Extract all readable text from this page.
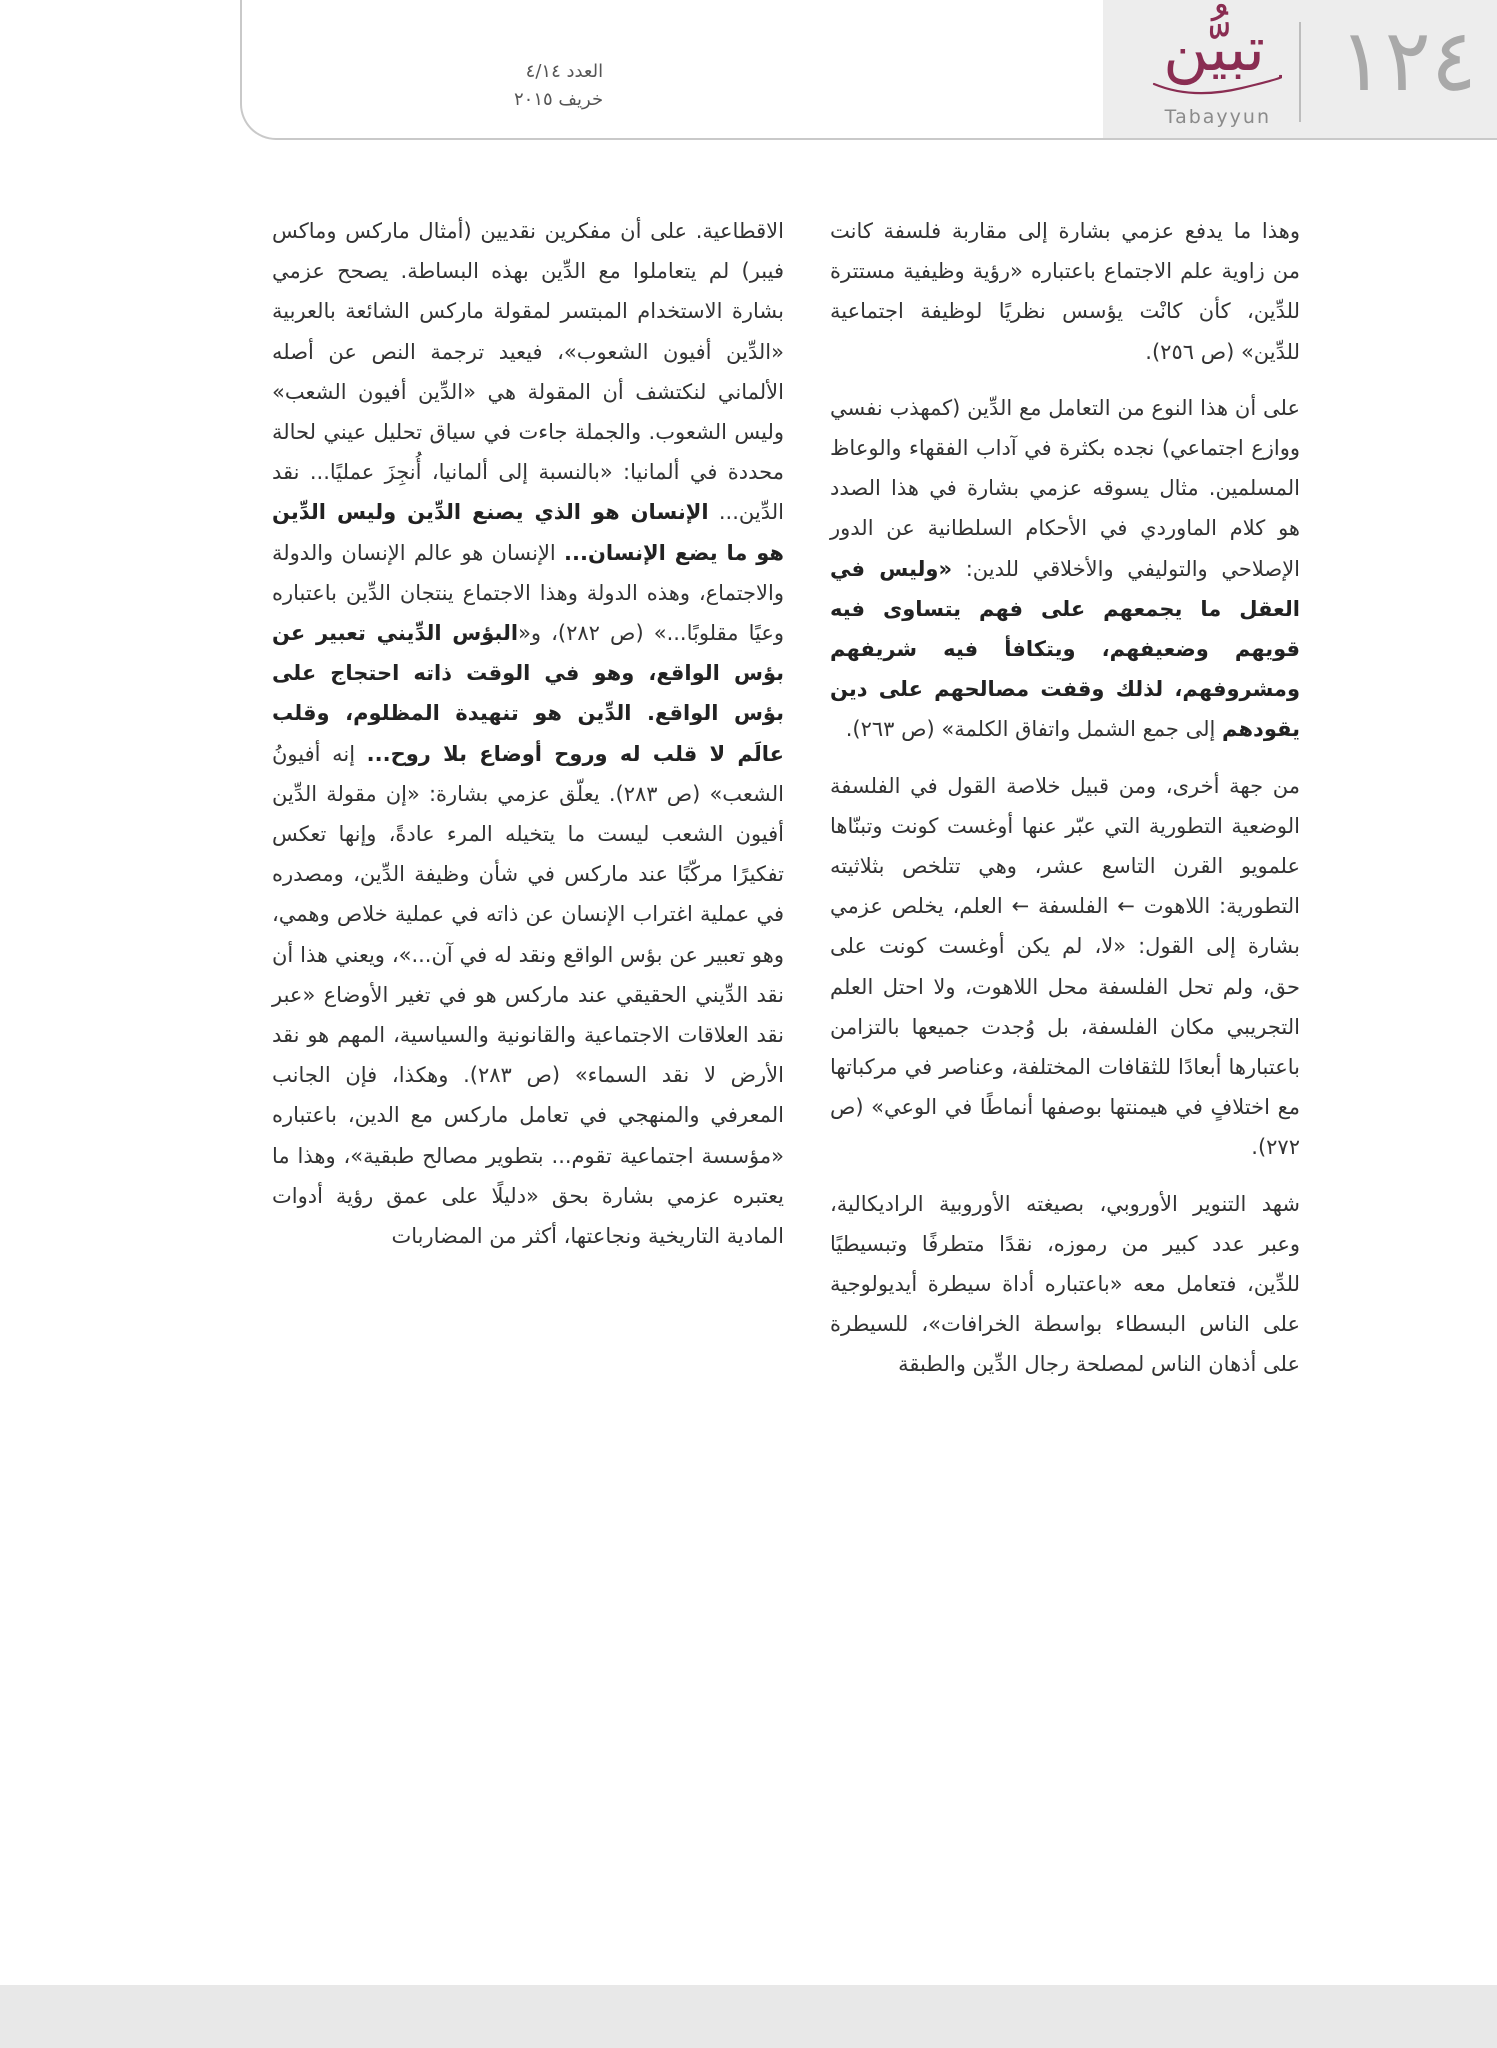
العدد ٤/١٤
خريف ٢٠١٥	١٢٤
تبيُّن
Tabayyun

وهذا ما يدفع عزمي بشارة إلى مقاربة فلسفة كانت من زاوية علم الاجتماع باعتباره «رؤية وظيفية مستترة للدِّين، كأن كانْت يؤسس نظريًا لوظيفة اجتماعية للدِّين» (ص ٢٥٦).

على أن هذا النوع من التعامل مع الدِّين (كمهذب نفسي ووازع اجتماعي) نجده بكثرة في آداب الفقهاء والوعاظ المسلمين. مثال يسوقه عزمي بشارة في هذا الصدد هو كلام الماوردي في الأحكام السلطانية عن الدور الإصلاحي والتوليفي والأخلاقي للدين: «وليس في العقل ما يجمعهم على فهم يتساوى فيه قويهم وضعيفهم، ويتكافأ فيه شريفهم ومشروفهم، لذلك وقفت مصالحهم على دين يقودهم إلى جمع الشمل واتفاق الكلمة» (ص ٢٦٣).

من جهة أخرى، ومن قبيل خلاصة القول في الفلسفة الوضعية التطورية التي عبّر عنها أوغست كونت وتبنّاها علمويو القرن التاسع عشر، وهي تتلخص بثلاثيته التطورية: اللاهوت ← الفلسفة ← العلم، يخلص عزمي بشارة إلى القول: «لا، لم يكن أوغست كونت على حق، ولم تحل الفلسفة محل اللاهوت، ولا احتل العلم التجريبي مكان الفلسفة، بل وُجدت جميعها بالتزامن باعتبارها أبعادًا للثقافات المختلفة، وعناصر في مركباتها مع اختلافٍ في هيمنتها بوصفها أنماطًا في الوعي» (ص ٢٧٢).

شهد التنوير الأوروبي، بصيغته الأوروبية الراديكالية، وعبر عدد كبير من رموزه، نقدًا متطرفًا وتبسيطيًا للدِّين، فتعامل معه «باعتباره أداة سيطرة أيديولوجية على الناس البسطاء بواسطة الخرافات»، للسيطرة على أذهان الناس لمصلحة رجال الدِّين والطبقة

الاقطاعية. على أن مفكرين نقديين (أمثال ماركس وماكس فيبر) لم يتعاملوا مع الدِّين بهذه البساطة. يصحح عزمي بشارة الاستخدام المبتسر لمقولة ماركس الشائعة بالعربية «الدِّين أفيون الشعوب»، فيعيد ترجمة النص عن أصله الألماني لنكتشف أن المقولة هي «الدِّين أفيون الشعب» وليس الشعوب. والجملة جاءت في سياق تحليل عيني لحالة محددة في ألمانيا: «بالنسبة إلى ألمانيا، أُنجِزَ عمليًا... نقد الدِّين... الإنسان هو الذي يصنع الدِّين وليس الدِّين هو ما يضع الإنسان... الإنسان هو عالم الإنسان والدولة والاجتماع، وهذه الدولة وهذا الاجتماع ينتجان الدِّين باعتباره وعيًا مقلوبًا...» (ص ٢٨٢)، و«البؤس الدِّيني تعبير عن بؤس الواقع، وهو في الوقت ذاته احتجاج على بؤس الواقع. الدِّين هو تنهيدة المظلوم، وقلب عالَم لا قلب له وروح أوضاع بلا روح... إنه أفيونُ الشعب» (ص ٢٨٣). يعلّق عزمي بشارة: «إن مقولة الدِّين أفيون الشعب ليست ما يتخيله المرء عادةً، وإنها تعكس تفكيرًا مركّبًا عند ماركس في شأن وظيفة الدِّين، ومصدره في عملية اغتراب الإنسان عن ذاته في عملية خلاص وهمي، وهو تعبير عن بؤس الواقع ونقد له في آن...»، ويعني هذا أن نقد الدِّيني الحقيقي عند ماركس هو في تغير الأوضاع «عبر نقد العلاقات الاجتماعية والقانونية والسياسية، المهم هو نقد الأرض لا نقد السماء» (ص ٢٨٣). وهكذا، فإن الجانب المعرفي والمنهجي في تعامل ماركس مع الدين، باعتباره «مؤسسة اجتماعية تقوم... بتطوير مصالح طبقية»، وهذا ما يعتبره عزمي بشارة بحق «دليلًا على عمق رؤية أدوات المادية التاريخية ونجاعتها، أكثر من المضاربات
